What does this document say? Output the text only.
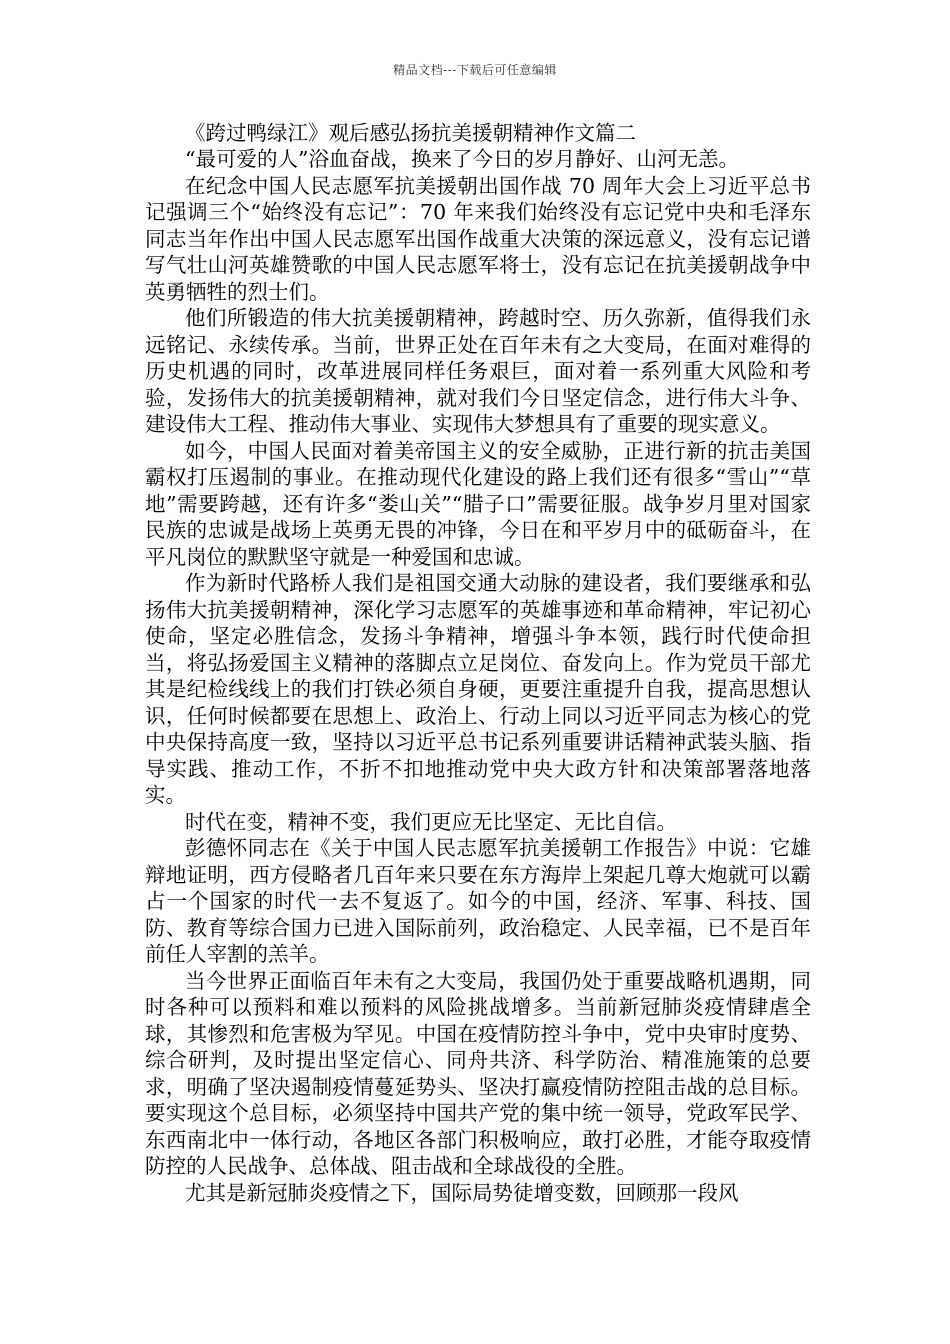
精品文档---下载后可任意编辑
《跨过鸭绿江》观后感弘扬抗美援朝精神作文篇二

“最可爱的人”浴血奋战，换来了今日的岁月静好、山河无恙。

在纪念中国人民志愿军抗美援朝出国作战 70 周年大会上习近平总书记强调三个“始终没有忘记”：70 年来我们始终没有忘记党中央和毛泽东同志当年作出中国人民志愿军出国作战重大决策的深远意义，没有忘记谱写气壮山河英雄赞歌的中国人民志愿军将士，没有忘记在抗美援朝战争中英勇牺牲的烈士们。

他们所锻造的伟大抗美援朝精神，跨越时空、历久弥新，值得我们永远铭记、永续传承。当前，世界正处在百年未有之大变局，在面对难得的历史机遇的同时，改革进展同样任务艰巨，面对着一系列重大风险和考验，发扬伟大的抗美援朝精神，就对我们今日坚定信念，进行伟大斗争、建设伟大工程、推动伟大事业、实现伟大梦想具有了重要的现实意义。

如今，中国人民面对着美帝国主义的安全威胁，正进行新的抗击美国霸权打压遏制的事业。在推动现代化建设的路上我们还有很多“雪山”“草地”需要跨越，还有许多“娄山关”“腊子口”需要征服。战争岁月里对国家民族的忠诚是战场上英勇无畏的冲锋，今日在和平岁月中的砥砺奋斗，在平凡岗位的默默坚守就是一种爱国和忠诚。

作为新时代路桥人我们是祖国交通大动脉的建设者，我们要继承和弘扬伟大抗美援朝精神，深化学习志愿军的英雄事迹和革命精神，牢记初心使命，坚定必胜信念，发扬斗争精神，增强斗争本领，践行时代使命担当，将弘扬爱国主义精神的落脚点立足岗位、奋发向上。作为党员干部尤其是纪检线线上的我们打铁必须自身硬，更要注重提升自我，提高思想认识，任何时候都要在思想上、政治上、行动上同以习近平同志为核心的党中央保持高度一致，坚持以习近平总书记系列重要讲话精神武装头脑、指导实践、推动工作，不折不扣地推动党中央大政方针和决策部署落地落实。

时代在变，精神不变，我们更应无比坚定、无比自信。

彭德怀同志在《关于中国人民志愿军抗美援朝工作报告》中说：它雄辩地证明，西方侵略者几百年来只要在东方海岸上架起几尊大炮就可以霸占一个国家的时代一去不复返了。如今的中国，经济、军事、科技、国防、教育等综合国力已进入国际前列，政治稳定、人民幸福，已不是百年前任人宰割的羔羊。

当今世界正面临百年未有之大变局，我国仍处于重要战略机遇期，同时各种可以预料和难以预料的风险挑战增多。当前新冠肺炎疫情肆虐全球，其惨烈和危害极为罕见。中国在疫情防控斗争中，党中央审时度势、综合研判，及时提出坚定信心、同舟共济、科学防治、精准施策的总要求，明确了坚决遏制疫情蔓延势头、坚决打赢疫情防控阻击战的总目标。要实现这个总目标，必须坚持中国共产党的集中统一领导，党政军民学、东西南北中一体行动，各地区各部门积极响应，敢打必胜，才能夺取疫情防控的人民战争、总体战、阻击战和全球战役的全胜。

尤其是新冠肺炎疫情之下，国际局势徒增变数，回顾那一段风
